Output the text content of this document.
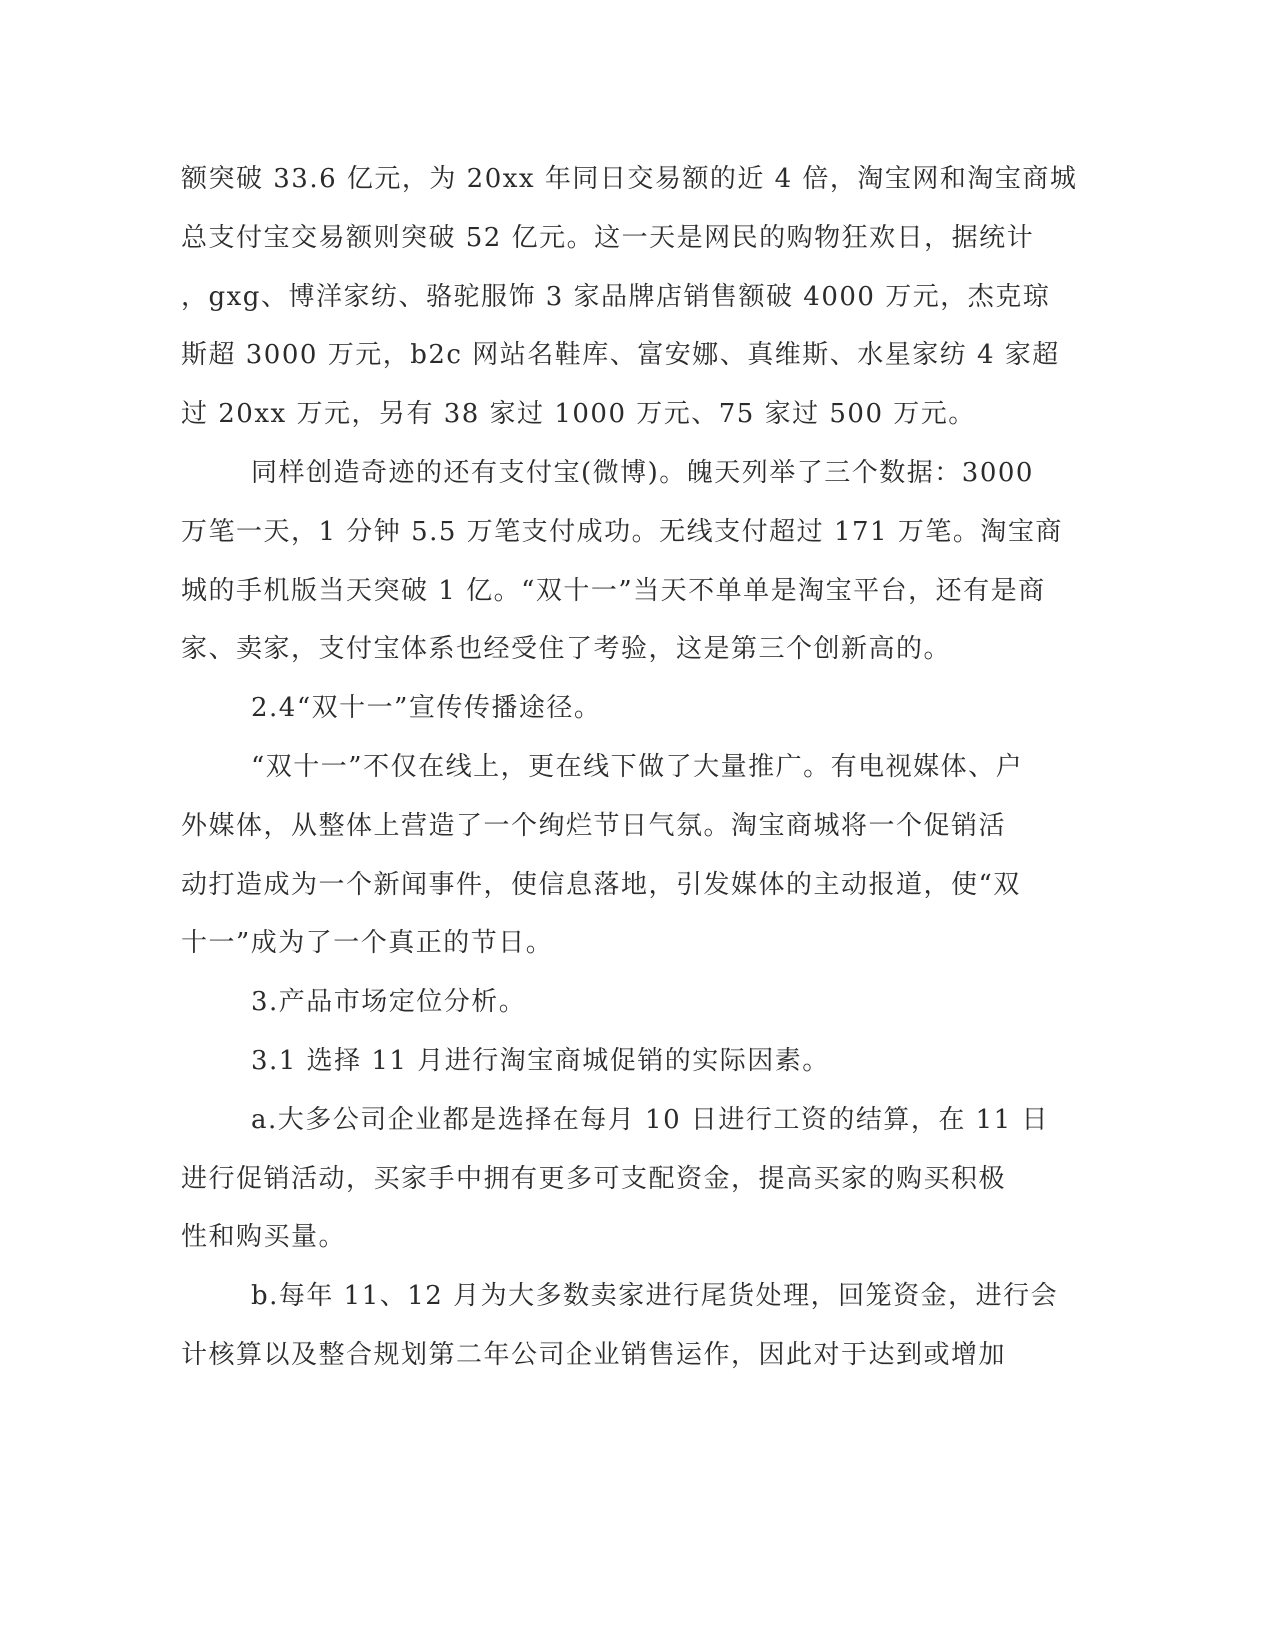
额突破 33.6 亿元，为 20xx 年同日交易额的近 4 倍，淘宝网和淘宝商城
总支付宝交易额则突破 52 亿元。这一天是网民的购物狂欢日，据统计
，gxg、博洋家纺、骆驼服饰 3 家品牌店销售额破 4000 万元，杰克琼
斯超 3000 万元，b2c 网站名鞋库、富安娜、真维斯、水星家纺 4 家超
过 20xx 万元，另有 38 家过 1000 万元、75 家过 500 万元。
同样创造奇迹的还有支付宝(微博)。魄天列举了三个数据：3000
万笔一天，1 分钟 5.5 万笔支付成功。无线支付超过 171 万笔。淘宝商
城的手机版当天突破 1 亿。“双十一”当天不单单是淘宝平台，还有是商
家、卖家，支付宝体系也经受住了考验，这是第三个创新高的。
2.4“双十一”宣传传播途径。
“双十一”不仅在线上，更在线下做了大量推广。有电视媒体、户
外媒体，从整体上营造了一个绚烂节日气氛。淘宝商城将一个促销活
动打造成为一个新闻事件，使信息落地，引发媒体的主动报道，使“双
十一”成为了一个真正的节日。
3.产品市场定位分析。
3.1 选择 11 月进行淘宝商城促销的实际因素。
a.大多公司企业都是选择在每月 10 日进行工资的结算，在 11 日
进行促销活动，买家手中拥有更多可支配资金，提高买家的购买积极
性和购买量。
b.每年 11、12 月为大多数卖家进行尾货处理，回笼资金，进行会
计核算以及整合规划第二年公司企业销售运作，因此对于达到或增加
